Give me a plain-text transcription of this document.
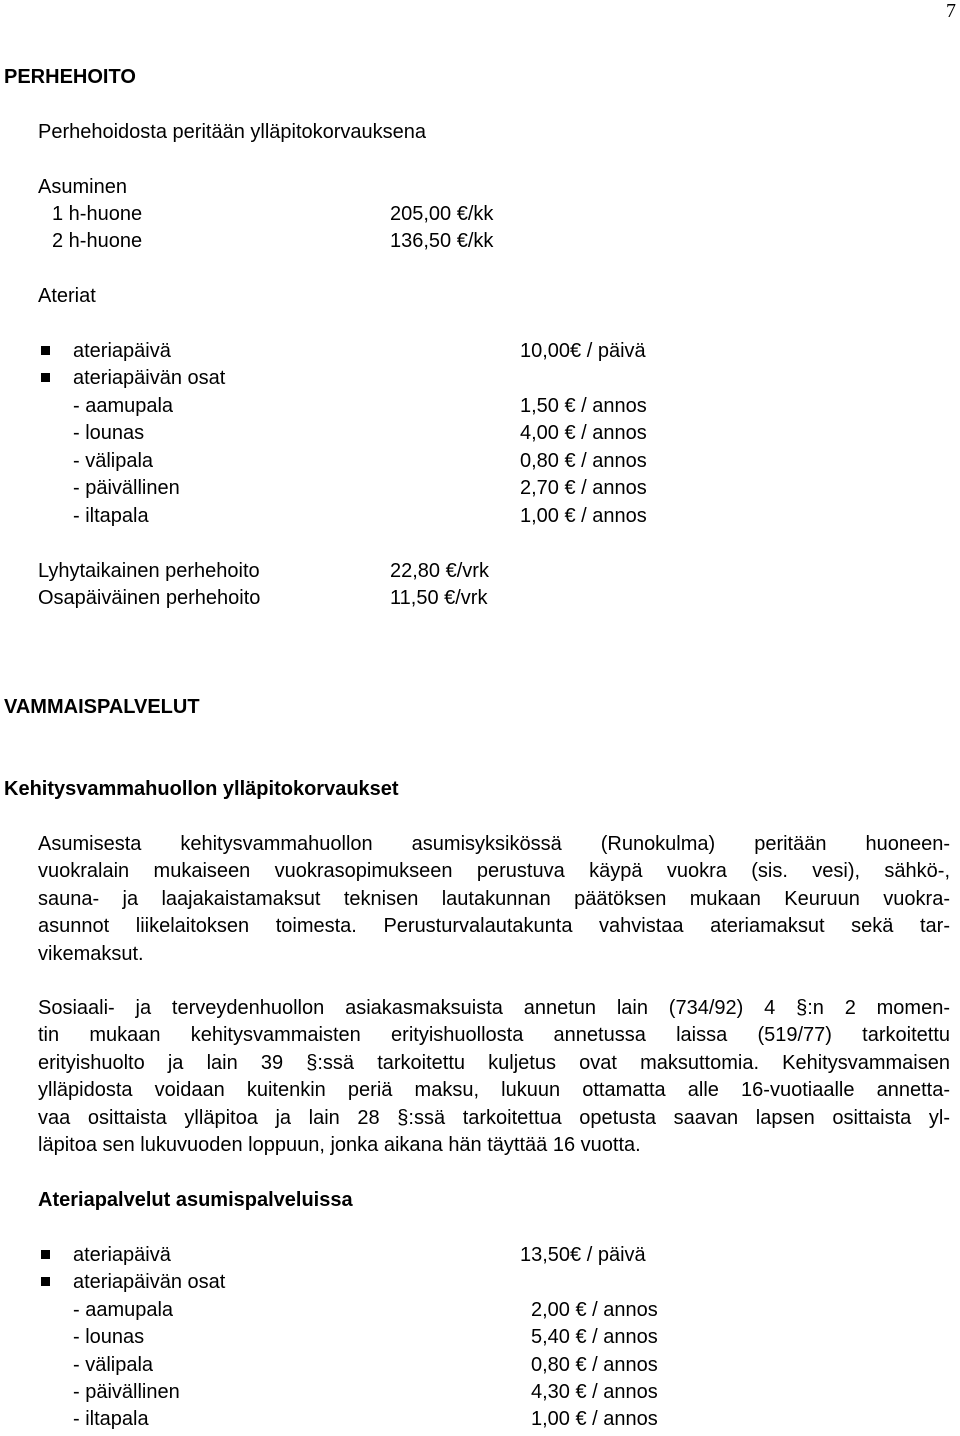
7
PERHEHOITO
Perhehoidosta peritään ylläpitokorvauksena
Asuminen
1 h-huone	205,00 €/kk
2 h-huone	136,50 €/kk
Ateriat
ateriapäivä	10,00€ / päivä
ateriapäivän osat
- aamupala	1,50 € / annos
- lounas	4,00 € / annos
- välipala	0,80 € / annos
- päivällinen	2,70 € / annos
- iltapala	1,00 € / annos
Lyhytaikainen perhehoito	22,80 €/vrk
Osapäiväinen perhehoito	11,50 €/vrk
VAMMAISPALVELUT
Kehitysvammahuollon ylläpitokorvaukset
Asumisesta kehitysvammahuollon asumisyksikössä (Runokulma) peritään huoneen-
vuokralain mukaiseen vuokrasopimukseen perustuva käypä vuokra (sis. vesi), sähkö-,
sauna- ja laajakaistamaksut teknisen lautakunnan päätöksen mukaan Keuruun vuokra-
asunnot liikelaitoksen toimesta. Perusturvalautakunta vahvistaa ateriamaksut sekä tar-
vikemaksut.
Sosiaali- ja terveydenhuollon asiakasmaksuista annetun lain (734/92) 4 §:n 2 momen-
tin mukaan kehitysvammaisten erityishuollosta annetussa laissa (519/77) tarkoitettu
erityishuolto ja lain 39 §:ssä tarkoitettu kuljetus ovat maksuttomia. Kehitysvammaisen
ylläpidosta voidaan kuitenkin periä maksu, lukuun ottamatta alle 16-vuotiaalle annetta-
vaa osittaista ylläpitoa ja lain 28 §:ssä tarkoitettua opetusta saavan lapsen osittaista yl-
läpitoa sen lukuvuoden loppuun, jonka aikana hän täyttää 16 vuotta.
Ateriapalvelut asumispalveluissa
ateriapäivä	13,50€ / päivä
ateriapäivän osat
- aamupala	2,00 € / annos
- lounas	5,40 € / annos
- välipala	0,80 € / annos
- päivällinen	4,30 € / annos
- iltapala	1,00 € / annos
